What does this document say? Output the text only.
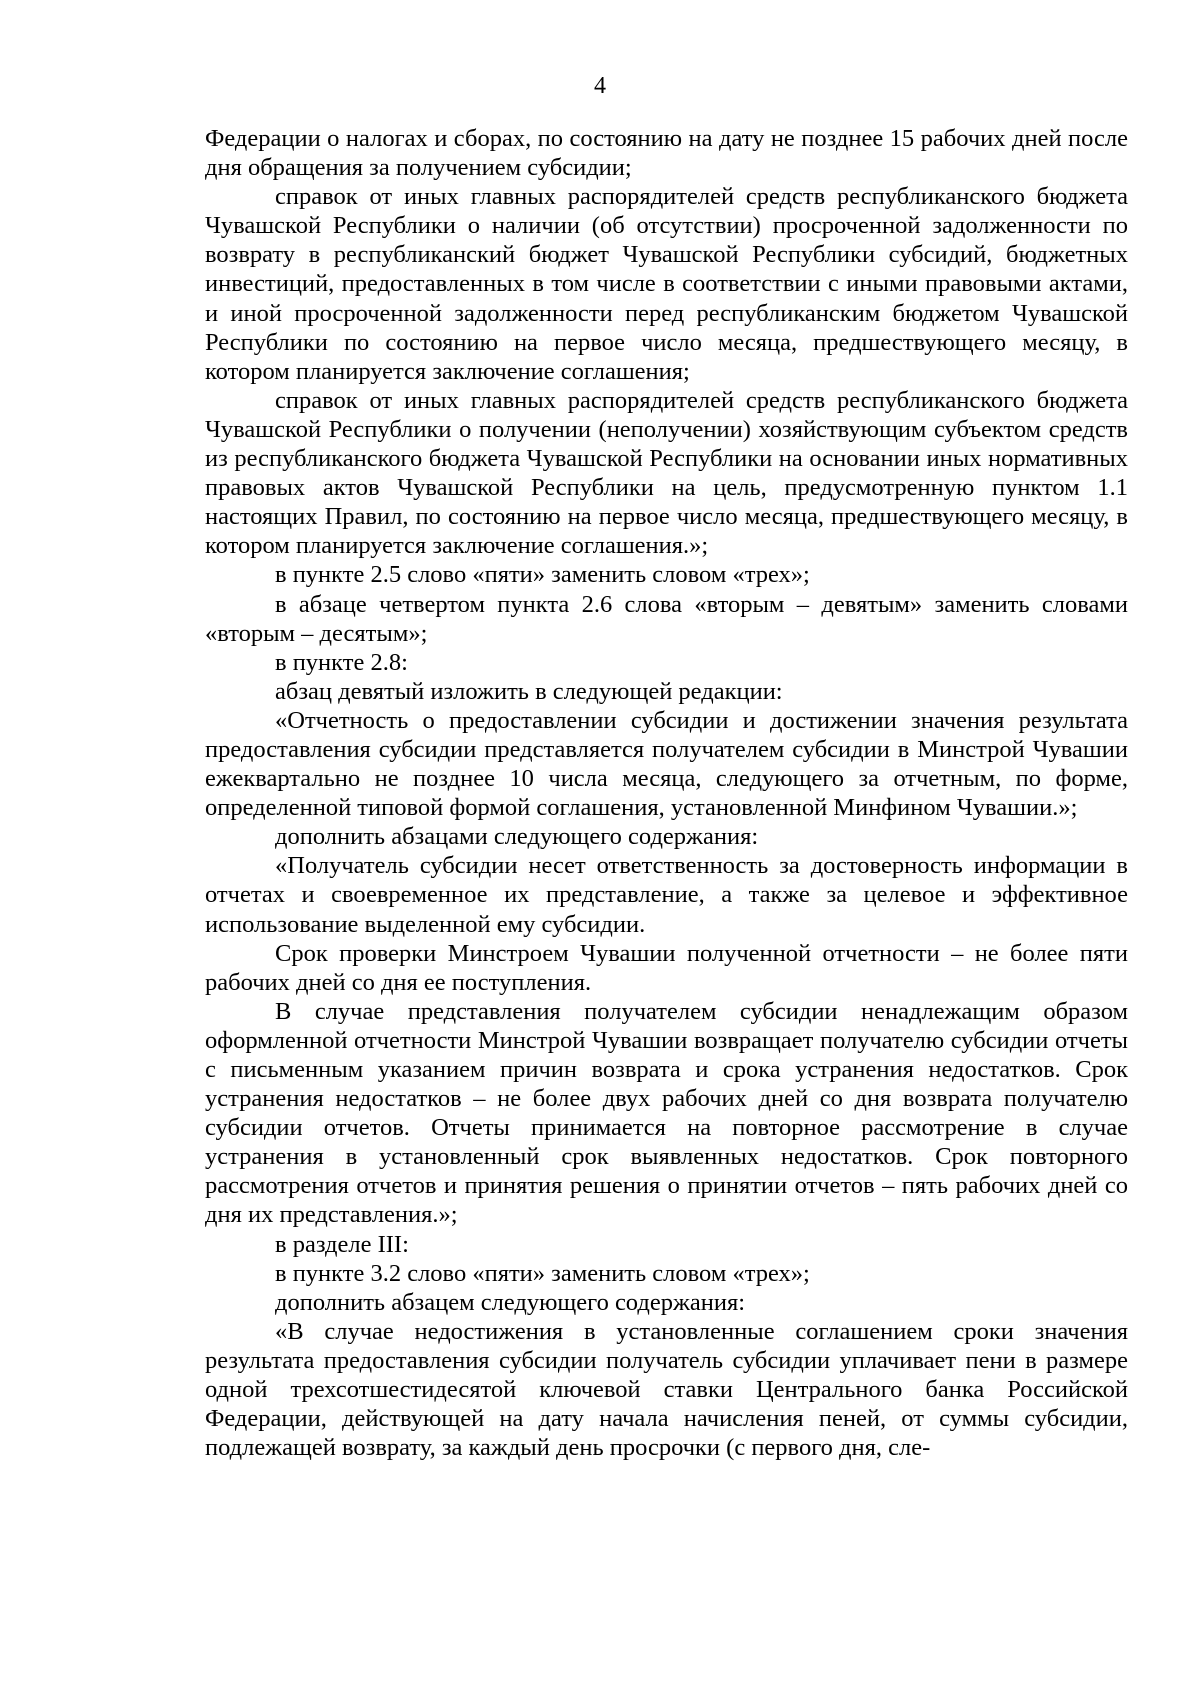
4

Федерации о налогах и сборах, по состоянию на дату не позднее 15 рабочих дней после дня обращения за получением субсидии;

справок от иных главных распорядителей средств республиканского бюджета Чувашской Республики о наличии (об отсутствии) просроченной задолженности по возврату в республиканский бюджет Чувашской Республики субсидий, бюджетных инвестиций, предоставленных в том числе в соответствии с иными правовыми актами, и иной просроченной задолженности перед республиканским бюджетом Чувашской Республики по состоянию на первое число месяца, предшествующего месяцу, в котором планируется заключение соглашения;

справок от иных главных распорядителей средств республиканского бюджета Чувашской Республики о получении (неполучении) хозяйствующим субъектом средств из республиканского бюджета Чувашской Республики на основании иных нормативных правовых актов Чувашской Республики на цель, предусмотренную пунктом 1.1 настоящих Правил, по состоянию на первое число месяца, предшествующего месяцу, в котором планируется заключение соглашения.»;

в пункте 2.5 слово «пяти» заменить словом «трех»;

в абзаце четвертом пункта 2.6 слова «вторым – девятым» заменить словами «вторым – десятым»;

в пункте 2.8:

абзац девятый изложить в следующей редакции:

«Отчетность о предоставлении субсидии и достижении значения результата предоставления субсидии представляется получателем субсидии в Минстрой Чувашии ежеквартально не позднее 10 числа месяца, следующего за отчетным, по форме, определенной типовой формой соглашения, установленной Минфином Чувашии.»;

дополнить абзацами следующего содержания:

«Получатель субсидии несет ответственность за достоверность информации в отчетах и своевременное их представление, а также за целевое и эффективное использование выделенной ему субсидии.

Срок проверки Минстроем Чувашии полученной отчетности – не более пяти рабочих дней со дня ее поступления.

В случае представления получателем субсидии ненадлежащим образом оформленной отчетности Минстрой Чувашии возвращает получателю субсидии отчеты с письменным указанием причин возврата и срока устранения недостатков. Срок устранения недостатков – не более двух рабочих дней со дня возврата получателю субсидии отчетов. Отчеты принимается на повторное рассмотрение в случае устранения в установленный срок выявленных недостатков. Срок повторного рассмотрения отчетов и принятия решения о принятии отчетов – пять рабочих дней со дня их представления.»;

в разделе III:

в пункте 3.2 слово «пяти» заменить словом «трех»;

дополнить абзацем следующего содержания:

«В случае недостижения в установленные соглашением сроки значения результата предоставления субсидии получатель субсидии уплачивает пени в размере одной трехсотшестидесятой ключевой ставки Центрального банка Российской Федерации, действующей на дату начала начисления пеней, от суммы субсидии, подлежащей возврату, за каждый день просрочки (с первого дня, сле-
